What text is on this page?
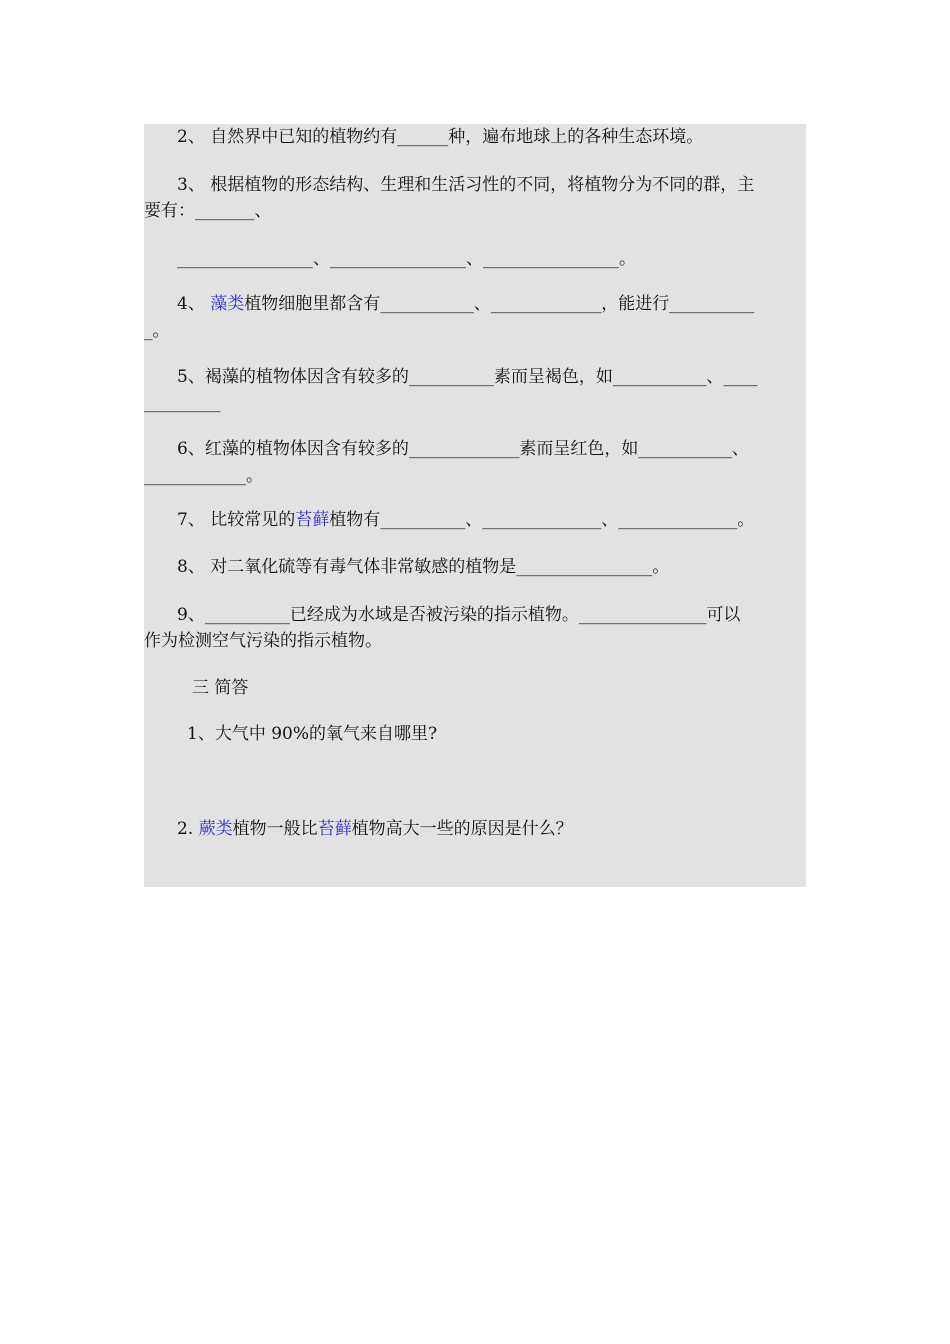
2、 自然界中已知的植物约有______种，遍布地球上的各种生态环境。
3、 根据植物的形态结构、生理和生活习性的不同，将植物分为不同的群，主
要有：_______、
________________、________________、________________。
4、 藻类植物细胞里都含有___________、_____________，能进行__________
_。
5、褐藻的植物体因含有较多的__________素而呈褐色，如___________、____
_________
6、红藻的植物体因含有较多的_____________素而呈红色，如___________、
____________。
7、 比较常见的苔藓植物有__________、______________、______________。
8、 对二氧化硫等有毒气体非常敏感的植物是________________。
9、__________已经成为水域是否被污染的指示植物。_______________可以
作为检测空气污染的指示植物。
三 简答
1、大气中 90%的氧气来自哪里?
2. 蕨类植物一般比苔藓植物高大一些的原因是什么？
